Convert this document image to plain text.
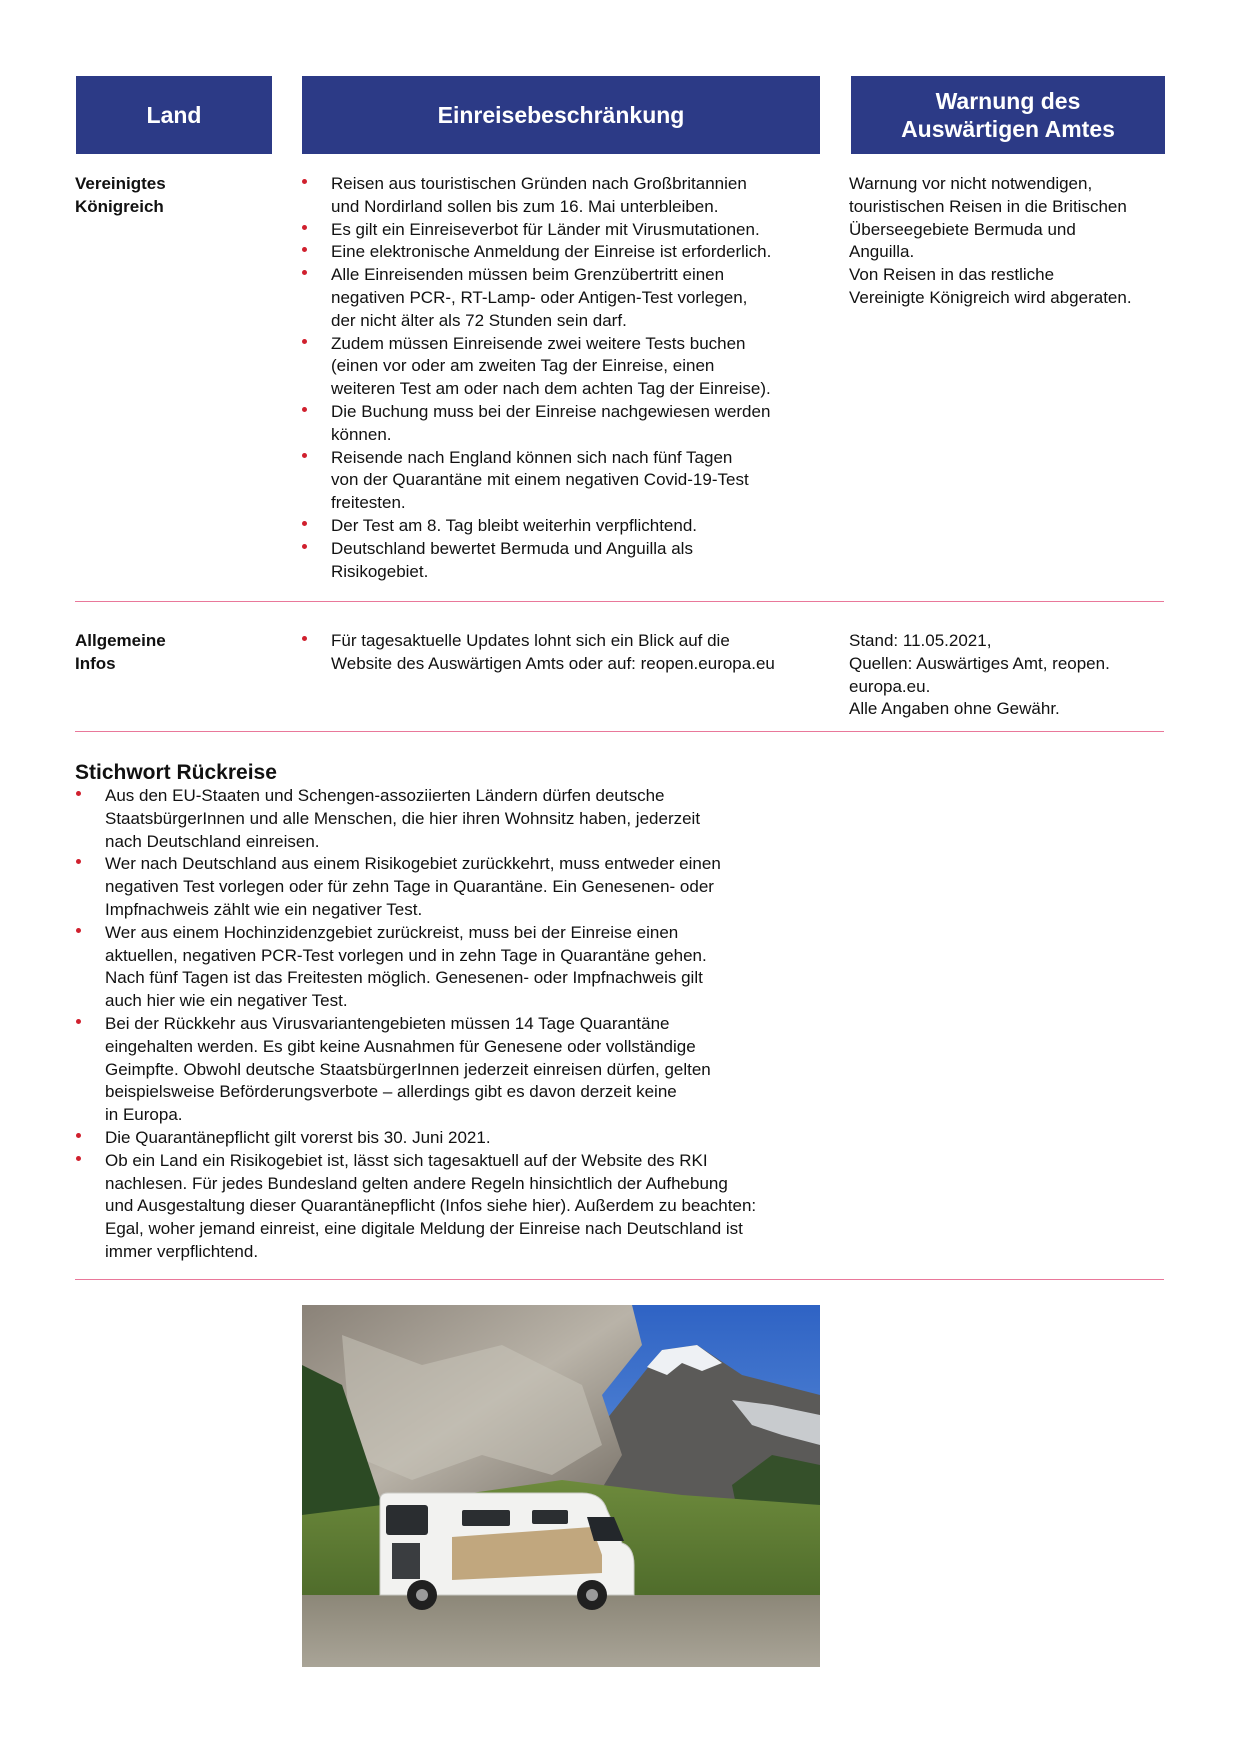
Land	Einreisebeschränkung
Warnung des
Auswärtigen Amtes
Vereinigtes
Königreich
Reisen aus touristischen Gründen nach Großbritannien
und Nordirland sollen bis zum 16. Mai unterbleiben.
Es gilt ein Einreiseverbot für Länder mit Virusmutationen.
Eine elektronische Anmeldung der Einreise ist erforderlich.
Alle Einreisenden müssen beim Grenzübertritt einen
negativen PCR-, RT-Lamp- oder Antigen-Test vorlegen,
der nicht älter als 72 Stunden sein darf.
Zudem müssen Einreisende zwei weitere Tests buchen
(einen vor oder am zweiten Tag der Einreise, einen
weiteren Test am oder nach dem achten Tag der Einreise).
Die Buchung muss bei der Einreise nachgewiesen werden
können.
Reisende nach England können sich nach fünf Tagen
von der Quarantäne mit einem negativen Covid-19-Test
freitesten.
Der Test am 8. Tag bleibt weiterhin verpflichtend.
Deutschland bewertet Bermuda und Anguilla als
Risikogebiet.
Warnung vor nicht notwendigen,
touristischen Reisen in die Britischen
Überseegebiete Bermuda und
Anguilla.
Von Reisen in das restliche
Vereinigte Königreich wird abgeraten.
Allgemeine
Infos
Für tagesaktuelle Updates lohnt sich ein Blick auf die
Website des Auswärtigen Amts oder auf: reopen.europa.eu
Stand: 11.05.2021,
Quellen: Auswärtiges Amt, reopen.
europa.eu.
Alle Angaben ohne Gewähr.
Stichwort Rückreise
Aus den EU-Staaten und Schengen-assoziierten Ländern dürfen deutsche
StaatsbürgerInnen und alle Menschen, die hier ihren Wohnsitz haben, jederzeit
nach Deutschland einreisen.
Wer nach Deutschland aus einem Risikogebiet zurückkehrt, muss entweder einen
negativen Test vorlegen oder für zehn Tage in Quarantäne. Ein Genesenen- oder
Impfnachweis zählt wie ein negativer Test.
Wer aus einem Hochinzidenzgebiet zurückreist, muss bei der Einreise einen
aktuellen, negativen PCR-Test vorlegen und in zehn Tage in Quarantäne gehen.
Nach fünf Tagen ist das Freitesten möglich. Genesenen- oder Impfnachweis gilt
auch hier wie ein negativer Test.
Bei der Rückkehr aus Virusvariantengebieten müssen 14 Tage Quarantäne
eingehalten werden. Es gibt keine Ausnahmen für Genesene oder vollständige
Geimpfte. Obwohl deutsche StaatsbürgerInnen jederzeit einreisen dürfen, gelten
beispielsweise Beförderungsverbote – allerdings gibt es davon derzeit keine
in Europa.
Die Quarantänepflicht gilt vorerst bis 30. Juni 2021.
Ob ein Land ein Risikogebiet ist, lässt sich tagesaktuell auf der Website des RKI
nachlesen. Für jedes Bundesland gelten andere Regeln hinsichtlich der Aufhebung
und Ausgestaltung dieser Quarantänepflicht (Infos siehe hier). Außerdem zu beachten:
Egal, woher jemand einreist, eine digitale Meldung der Einreise nach Deutschland ist
immer verpflichtend.
